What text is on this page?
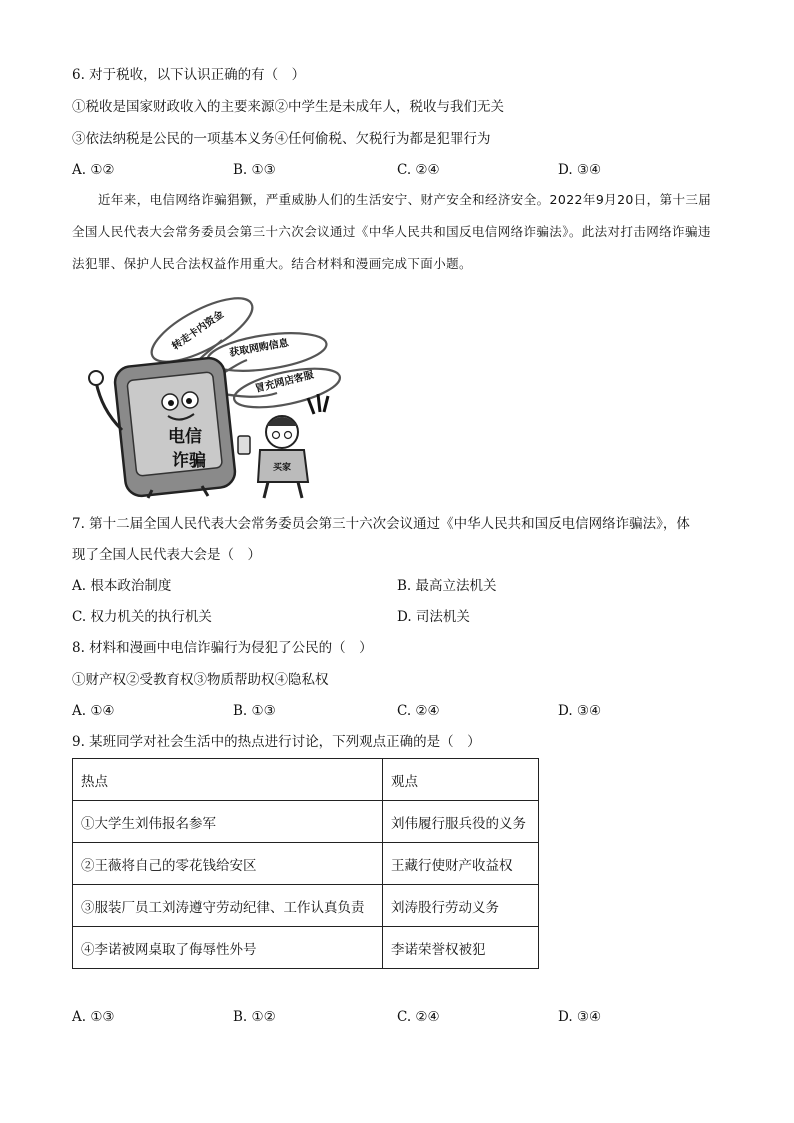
6. 对于税收，以下认识正确的有（　）
①税收是国家财政收入的主要来源②中学生是未成年人，税收与我们无关
③依法纳税是公民的一项基本义务④任何偷税、欠税行为都是犯罪行为
A. ①②	B. ①③	C. ②④	D. ③④
近年来，电信网络诈骗猖獗，严重威胁人们的生活安宁、财产安全和经济安全。2022年9月20日，第十三届全国人民代表大会常务委员会第三十六次会议通过《中华人民共和国反电信网络诈骗法》。此法对打击网络诈骗违法犯罪、保护人民合法权益作用重大。结合材料和漫画完成下面小题。
转走卡内资金 获取网购信息
冒充网店客服
电信
诈骗	买家
7. 第十二届全国人民代表大会常务委员会第三十六次会议通过《中华人民共和国反电信网络诈骗法》，体
现了全国人民代表大会是（　）
A. 根本政治制度	B. 最高立法机关
C. 权力机关的执行机关	D. 司法机关
8. 材料和漫画中电信诈骗行为侵犯了公民的（　）
①财产权②受教育权③物质帮助权④隐私权
A. ①④	B. ①③	C. ②④	D. ③④
9. 某班同学对社会生活中的热点进行讨论，下列观点正确的是（　）
热点	观点
①大学生刘伟报名参军	刘伟履行服兵役的义务
②王薇将自己的零花钱给安区	王藏行使财产收益权
③服装厂员工刘涛遵守劳动纪律、工作认真负责	刘涛股行劳动义务
④李诺被网桌取了侮辱性外号	李诺荣誉权被犯
A. ①③	B. ①②	C. ②④	D. ③④
